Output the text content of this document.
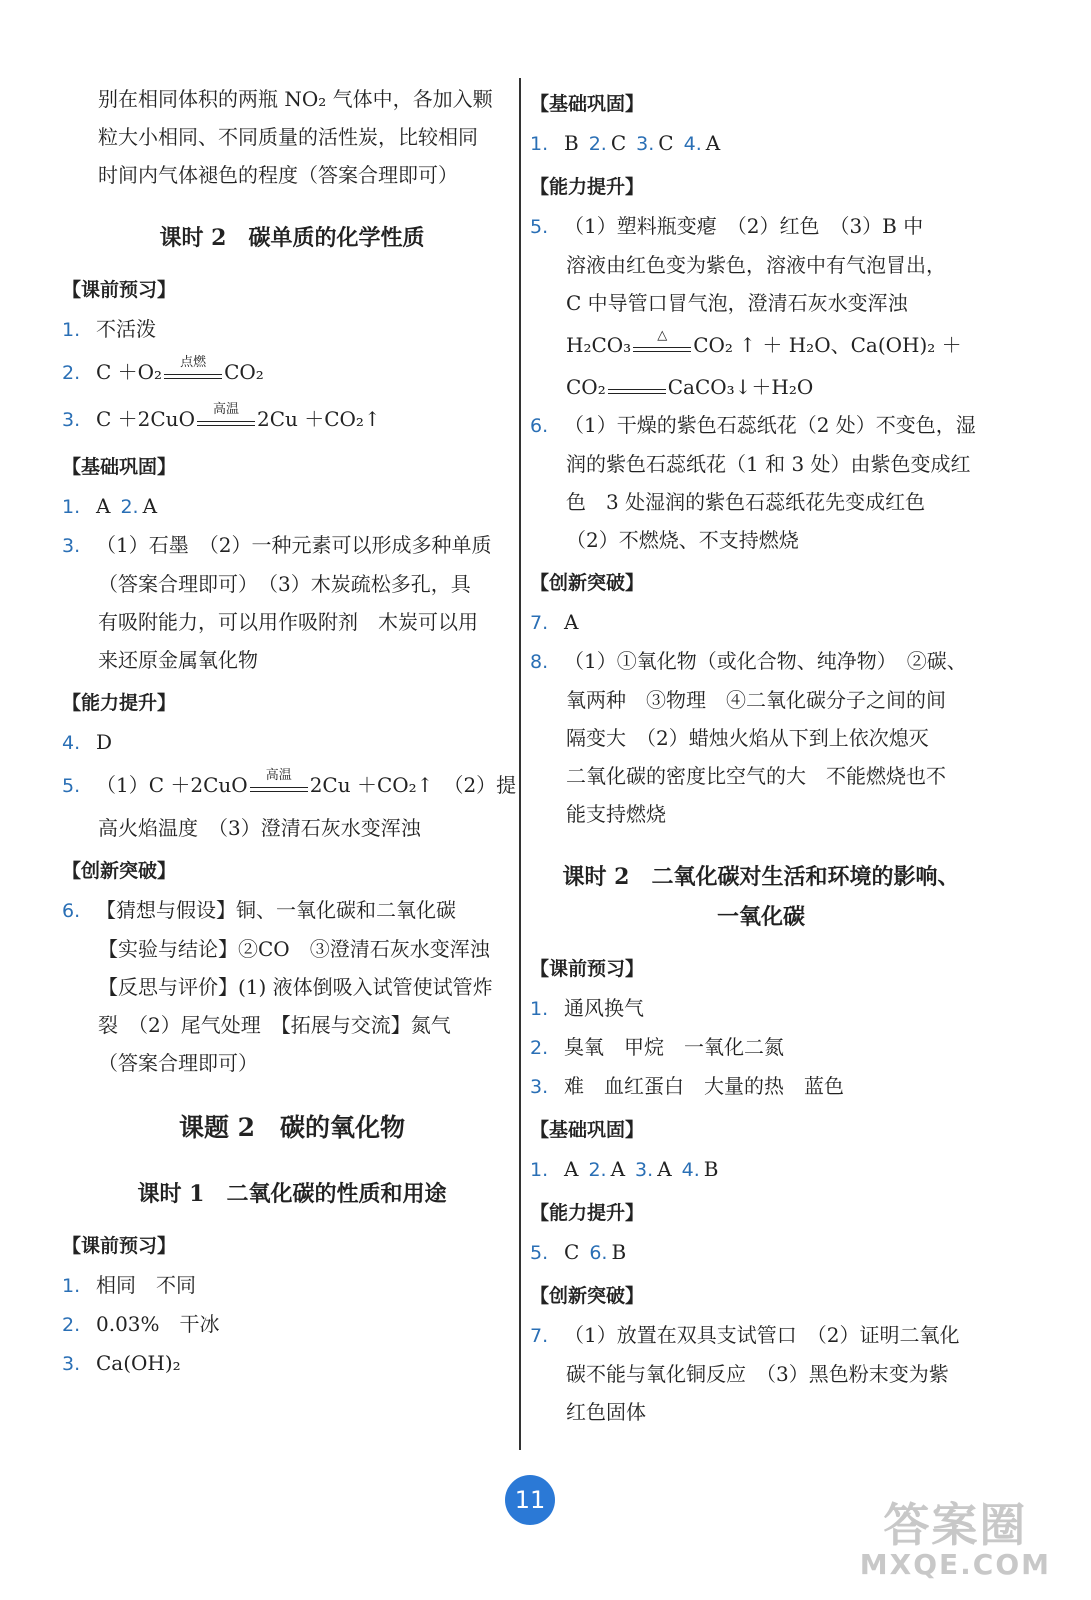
别在相同体积的两瓶 NO₂ 气体中，各加入颗
粒大小相同、不同质量的活性炭，比较相同
时间内气体褪色的程度（答案合理即可）
课时 2　碳单质的化学性质
【课前预习】
1. 不活泼
2. C ＋O₂	点燃 CO₂
3. C ＋2CuO	高温 2Cu ＋CO₂↑
【基础巩固】
1. A 2. A
3. （1）石墨　（2）一种元素可以形成多种单质
（答案合理即可）　（3）木炭疏松多孔，具
有吸附能力，可以用作吸附剂　木炭可以用
来还原金属氧化物
【能力提升】
4. D
5. （1）C ＋2CuO	高温 2Cu ＋CO₂↑　（2）提
高火焰温度　（3）澄清石灰水变浑浊
【创新突破】
6. 【猜想与假设】铜、一氧化碳和二氧化碳
【实验与结论】②CO　③澄清石灰水变浑浊
【反思与评价】(1) 液体倒吸入试管使试管炸
裂　（2）尾气处理　【拓展与交流】氮气
（答案合理即可）
课题 2　碳的氧化物
课时 1　二氧化碳的性质和用途
【课前预习】
1. 相同　不同
2. 0.03%　干冰
3. Ca(OH)₂
【基础巩固】
1. B 2. C 3. C 4. A
【能力提升】
5. （1）塑料瓶变瘪　（2）红色　（3）B 中
溶液由红色变为紫色，溶液中有气泡冒出，
C 中导管口冒气泡，澄清石灰水变浑浊
H₂CO₃	△	CO₂ ↑ ＋ H₂O、Ca(OH)₂ ＋
CO₂	CaCO₃↓＋H₂O
6. （1）干燥的紫色石蕊纸花（2 处）不变色，湿
润的紫色石蕊纸花（1 和 3 处）由紫色变成红
色　3 处湿润的紫色石蕊纸花先变成红色
（2）不燃烧、不支持燃烧
【创新突破】
7. A
8. （1）①氧化物（或化合物、纯净物）　②碳、
氧两种　③物理　④二氧化碳分子之间的间
隔变大　（2）蜡烛火焰从下到上依次熄灭
二氧化碳的密度比空气的大　不能燃烧也不
能支持燃烧
课时 2　二氧化碳对生活和环境的影响、
一氧化碳
【课前预习】
1. 通风换气
2. 臭氧　甲烷　一氧化二氮
3. 难　血红蛋白　大量的热　蓝色
【基础巩固】
1. A 2. A 3. A 4. B
【能力提升】
5. C 6. B
【创新突破】
7. （1）放置在双具支试管口　（2）证明二氧化
碳不能与氧化铜反应　（3）黑色粉末变为紫
红色固体
11	答案圈
MXQE.COM
